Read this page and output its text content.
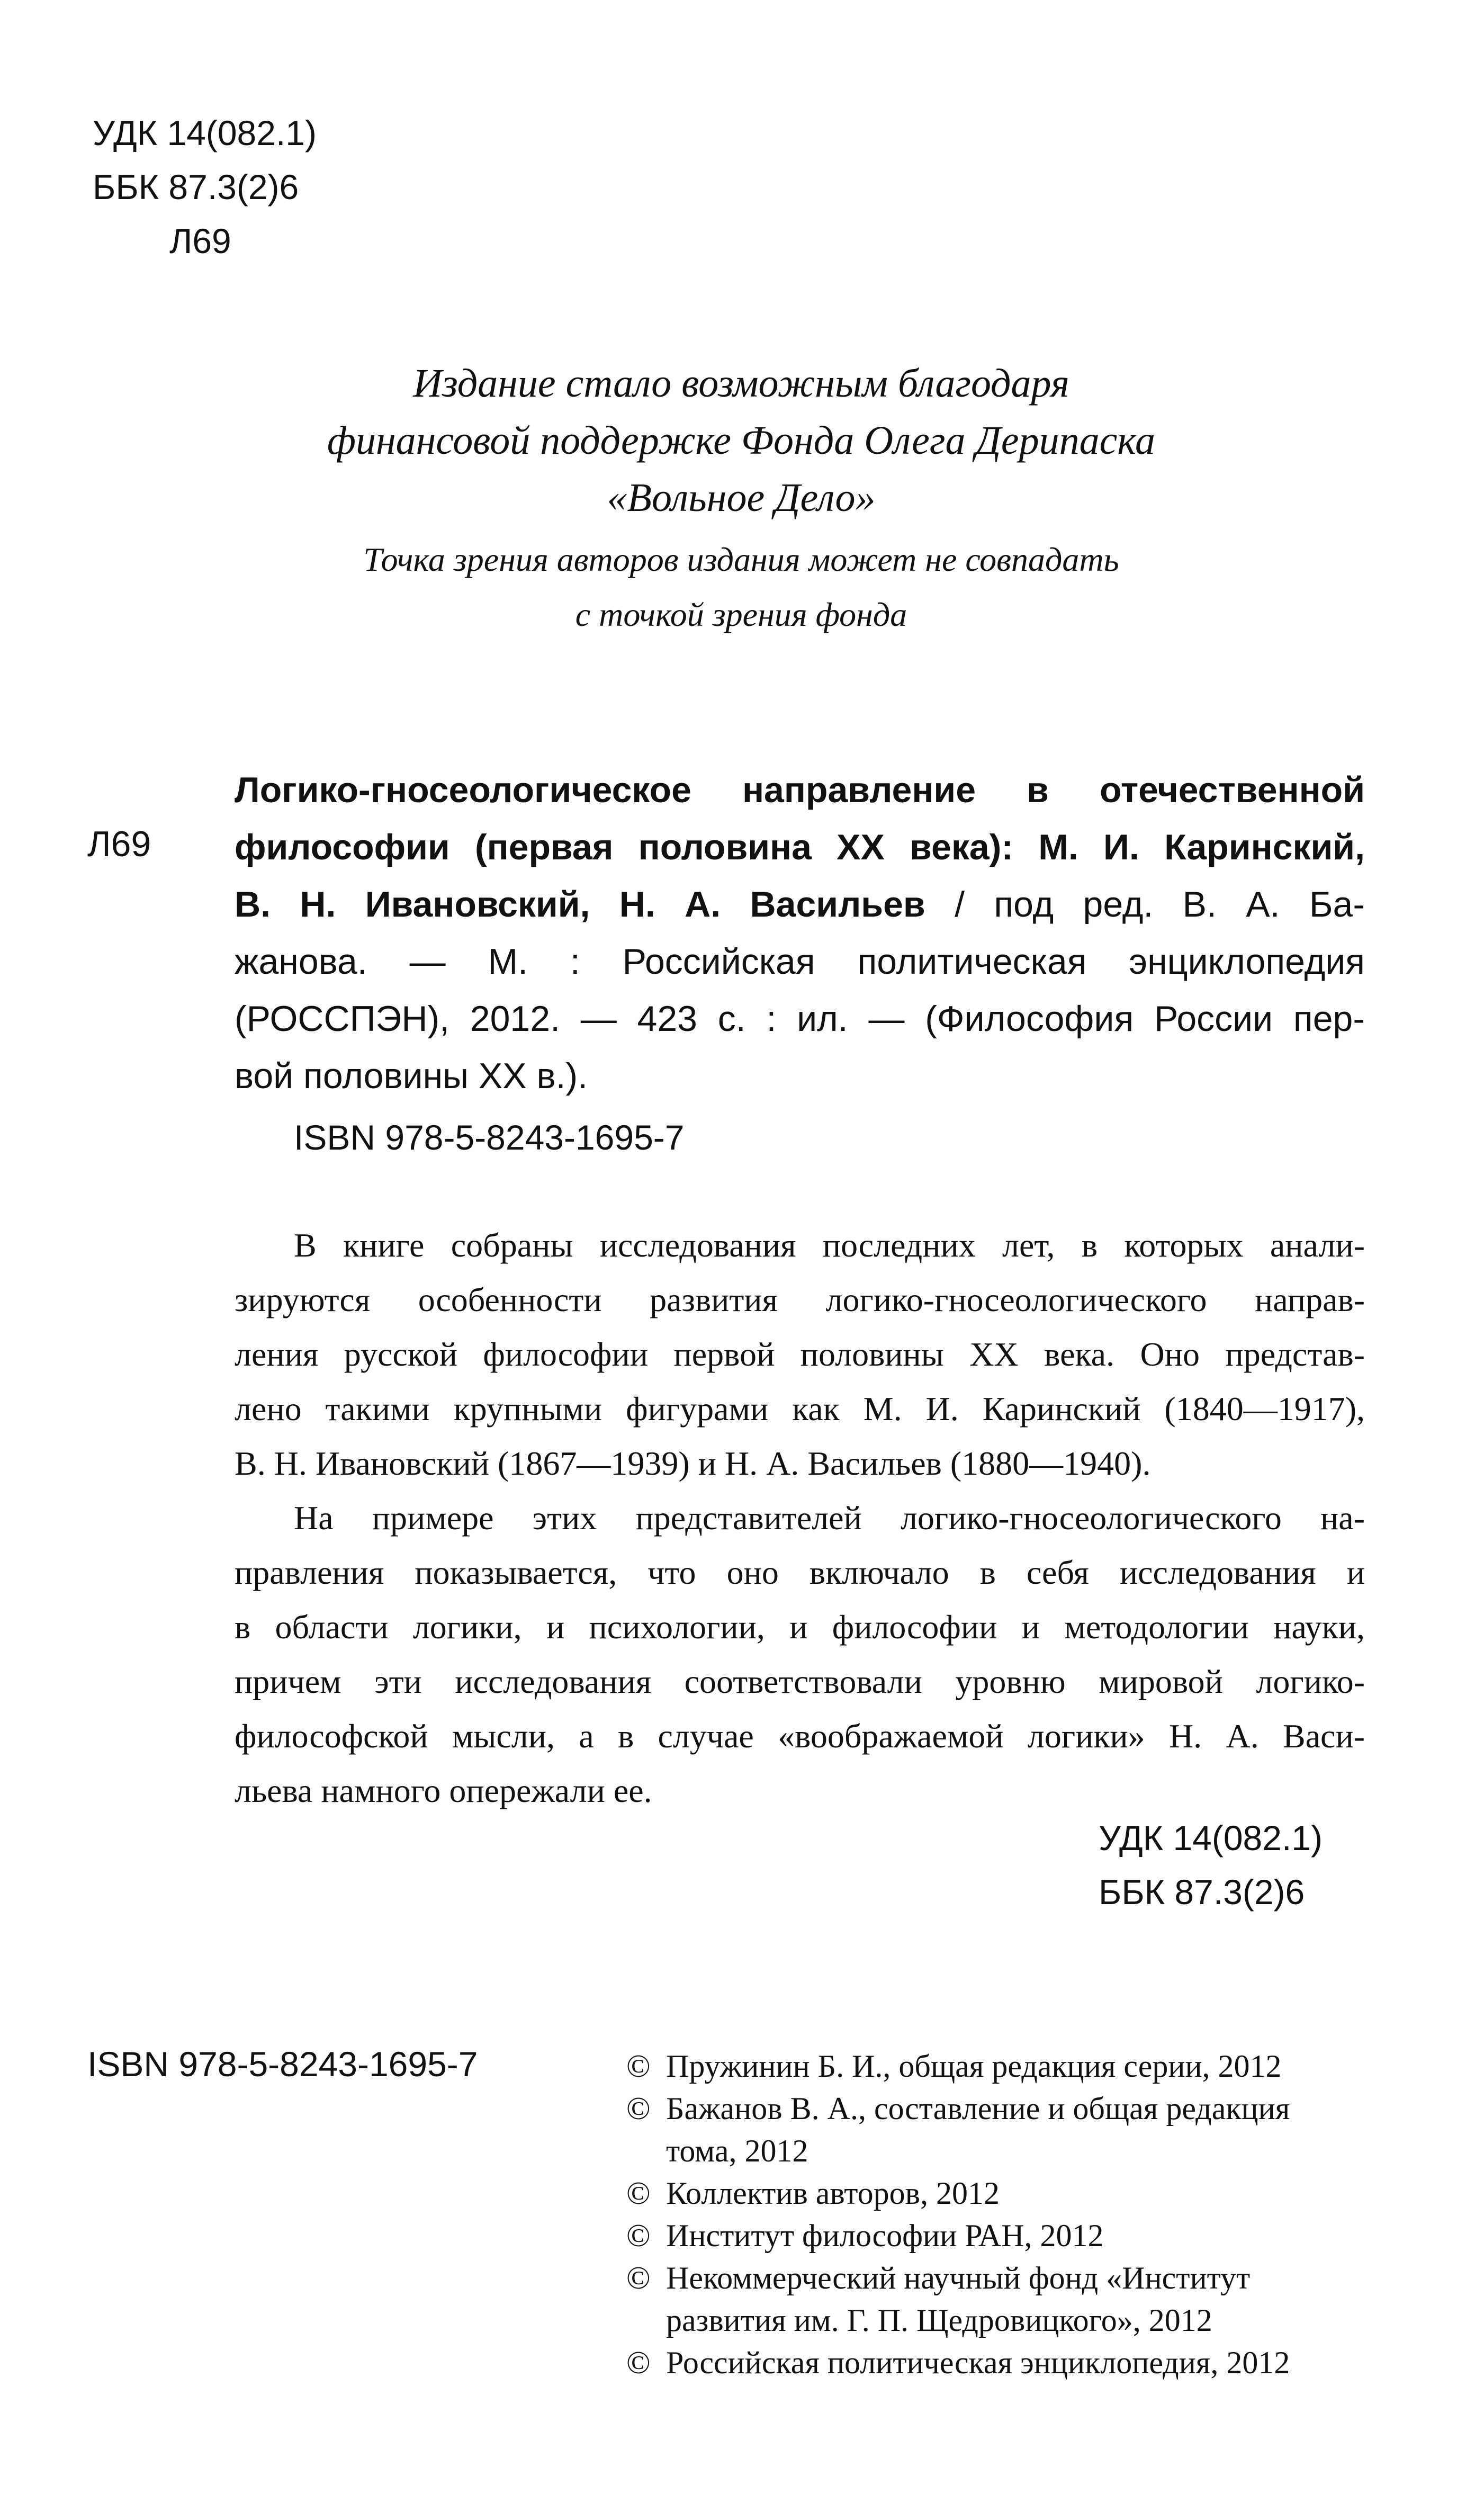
УДК 14(082.1)
ББК 87.3(2)6
Л69
Издание стало возможным благодаря
финансовой поддержке Фонда Олега Дерипаска
«Вольное Дело»
Точка зрения авторов издания может не совпадать
с точкой зрения фонда
Л69
Логико-гносеологическое направление в отечественной
философии (первая половина XX века): М. И. Каринский,
В. Н. Ивановский, Н. А. Васильев / под ред. В. А. Ба-
жанова. — М. : Российская политическая энциклопедия
(РОССПЭН), 2012. — 423 с. : ил. — (Философия России пер-
вой половины XX в.).
ISBN 978-5-8243-1695-7
В книге собраны исследования последних лет, в которых анали-
зируются особенности развития логико-гносеологического направ-
ления русской философии первой половины XX века. Оно представ-
лено такими крупными фигурами как М. И. Каринский (1840—1917),
В. Н. Ивановский (1867—1939) и Н. А. Васильев (1880—1940).
На примере этих представителей логико-гносеологического на-
правления показывается, что оно включало в себя исследования и
в области логики, и психологии, и философии и методологии науки,
причем эти исследования соответствовали уровню мировой логико-
философской мысли, а в случае «воображаемой логики» Н. А. Васи-
льева намного опережали ее.
УДК 14(082.1)
ББК 87.3(2)6
ISBN 978-5-8243-1695-7	© Пружинин Б. И., общая редакция серии, 2012
© Бажанов В. А., составление и общая редакция тома, 2012
© Коллектив авторов, 2012
© Институт философии РАН, 2012
© Некоммерческий научный фонд «Институт развития им. Г. П. Щедровицкого», 2012
© Российская политическая энциклопедия, 2012
